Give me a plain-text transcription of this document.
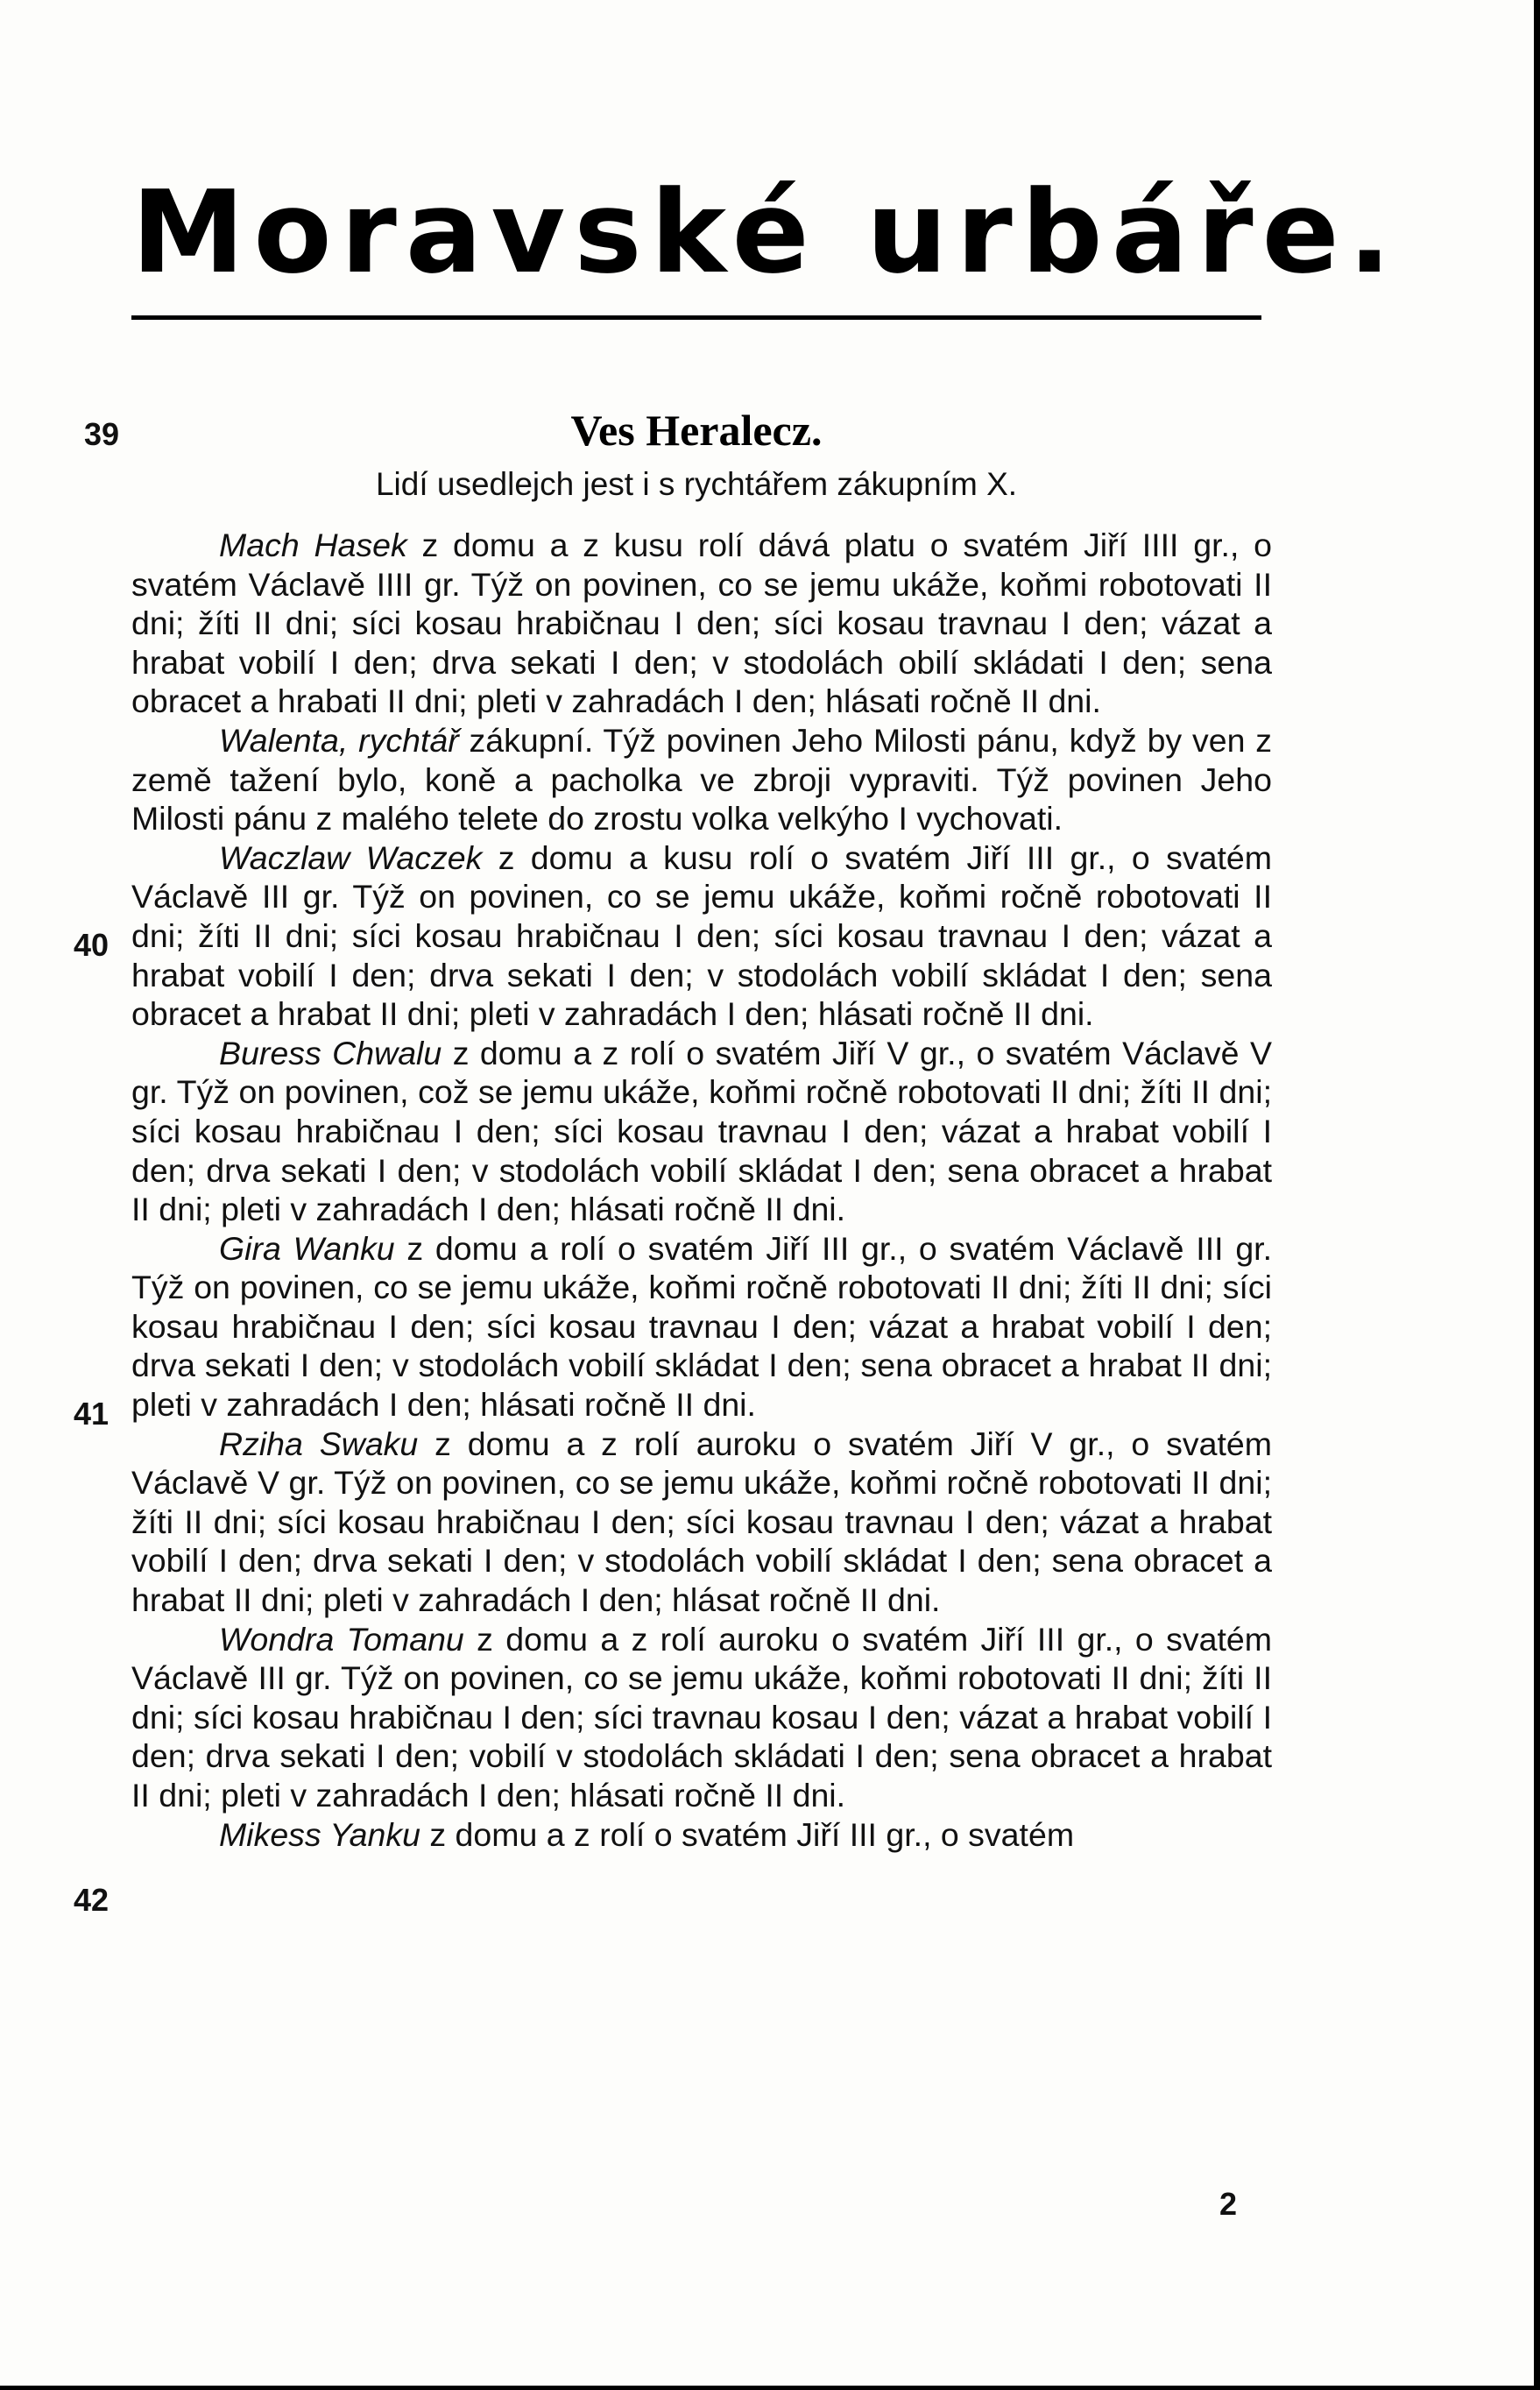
Moravské urbáře.
39	Ves Heralecz.
Lidí usedlejch jest i s rychtářem zákupním X.
40
41
42

Mach Hasek z domu a z kusu rolí dává platu o svatém Jiří IIII gr., o svatém Václavě IIII gr. Týž on povinen, co se jemu ukáže, koňmi robotovati II dni; žíti II dni; síci kosau hrabičnau I den; síci kosau travnau I den; vázat a hrabat vobilí I den; drva sekati I den; v stodolách obilí skládati I den; sena obracet a hrabati II dni; pleti v zahradách I den; hlásati ročně II dni.

Walenta, rychtář zákupní. Týž povinen Jeho Milosti pánu, když by ven z země tažení bylo, koně a pacholka ve zbroji vypraviti. Týž povinen Jeho Milosti pánu z malého telete do zrostu volka velkýho I vychovati.

Waczlaw Waczek z domu a kusu rolí o svatém Jiří III gr., o svatém Václavě III gr. Týž on povinen, co se jemu ukáže, koňmi ročně robotovati II dni; žíti II dni; síci kosau hrabičnau I den; síci kosau travnau I den; vázat a hrabat vobilí I den; drva sekati I den; v stodolách vobilí skládat I den; sena obracet a hrabat II dni; pleti v zahradách I den; hlásati ročně II dni.

Buress Chwalu z domu a z rolí o svatém Jiří V gr., o svatém Václavě V gr. Týž on povinen, což se jemu ukáže, koňmi ročně robotovati II dni; žíti II dni; síci kosau hrabičnau I den; síci kosau travnau I den; vázat a hrabat vobilí I den; drva sekati I den; v stodolách vobilí skládat I den; sena obracet a hrabat II dni; pleti v zahradách I den; hlásati ročně II dni.

Gira Wanku z domu a rolí o svatém Jiří III gr., o svatém Václavě III gr. Týž on povinen, co se jemu ukáže, koňmi ročně robotovati II dni; žíti II dni; síci kosau hrabičnau I den; síci kosau travnau I den; vázat a hrabat vobilí I den; drva sekati I den; v stodolách vobilí skládat I den; sena obracet a hrabat II dni; pleti v zahradách I den; hlásati ročně II dni.

Rziha Swaku z domu a z rolí auroku o svatém Jiří V gr., o svatém Václavě V gr. Týž on povinen, co se jemu ukáže, koňmi ročně robotovati II dni; žíti II dni; síci kosau hrabičnau I den; síci kosau travnau I den; vázat a hrabat vobilí I den; drva sekati I den; v stodolách vobilí skládat I den; sena obracet a hrabat II dni; pleti v zahradách I den; hlásat ročně II dni.

Wondra Tomanu z domu a z rolí auroku o svatém Jiří III gr., o svatém Václavě III gr. Týž on povinen, co se jemu ukáže, koňmi robotovati II dni; žíti II dni; síci kosau hrabičnau I den; síci travnau kosau I den; vázat a hrabat vobilí I den; drva sekati I den; vobilí v stodolách skládati I den; sena obracet a hrabat II dni; pleti v zahradách I den; hlásati ročně II dni.

Mikess Yanku z domu a z rolí o svatém Jiří III gr., o svatém

2
